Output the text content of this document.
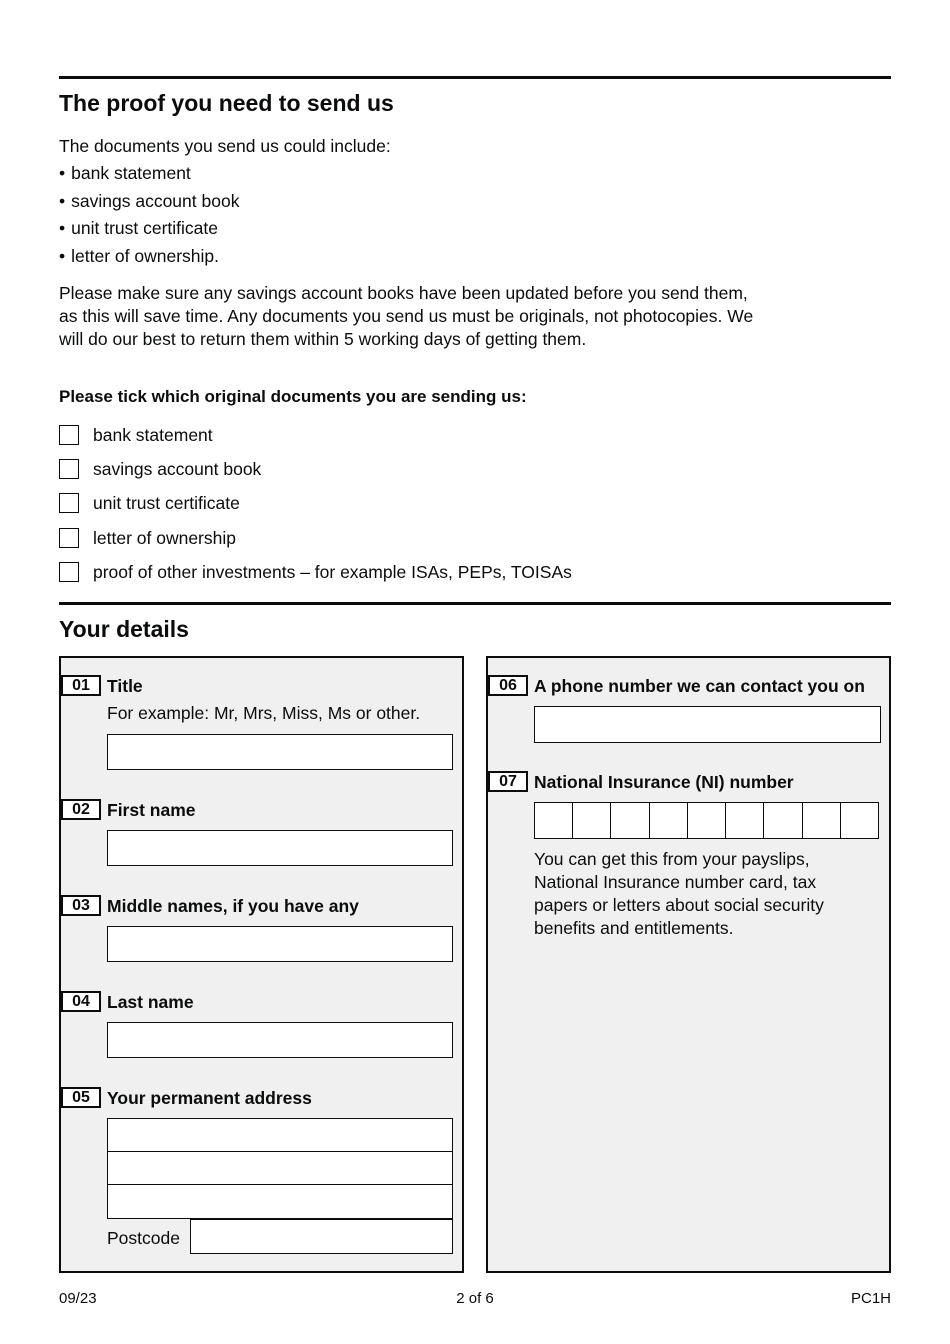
The proof you need to send us
The documents you send us could include:
• bank statement
• savings account book
• unit trust certificate
• letter of ownership.
Please make sure any savings account books have been updated before you send them, as this will save time. Any documents you send us must be originals, not photocopies. We will do our best to return them within 5 working days of getting them.
Please tick which original documents you are sending us:
bank statement
savings account book
unit trust certificate
letter of ownership
proof of other investments – for example ISAs, PEPs, TOISAs
Your details
01 Title
For example: Mr, Mrs, Miss, Ms or other.
02 First name
03 Middle names, if you have any
04 Last name
05 Your permanent address
Postcode
06 A phone number we can contact you on
07 National Insurance (NI) number
You can get this from your payslips, National Insurance number card, tax papers or letters about social security benefits and entitlements.
09/23	2 of 6	PC1H
